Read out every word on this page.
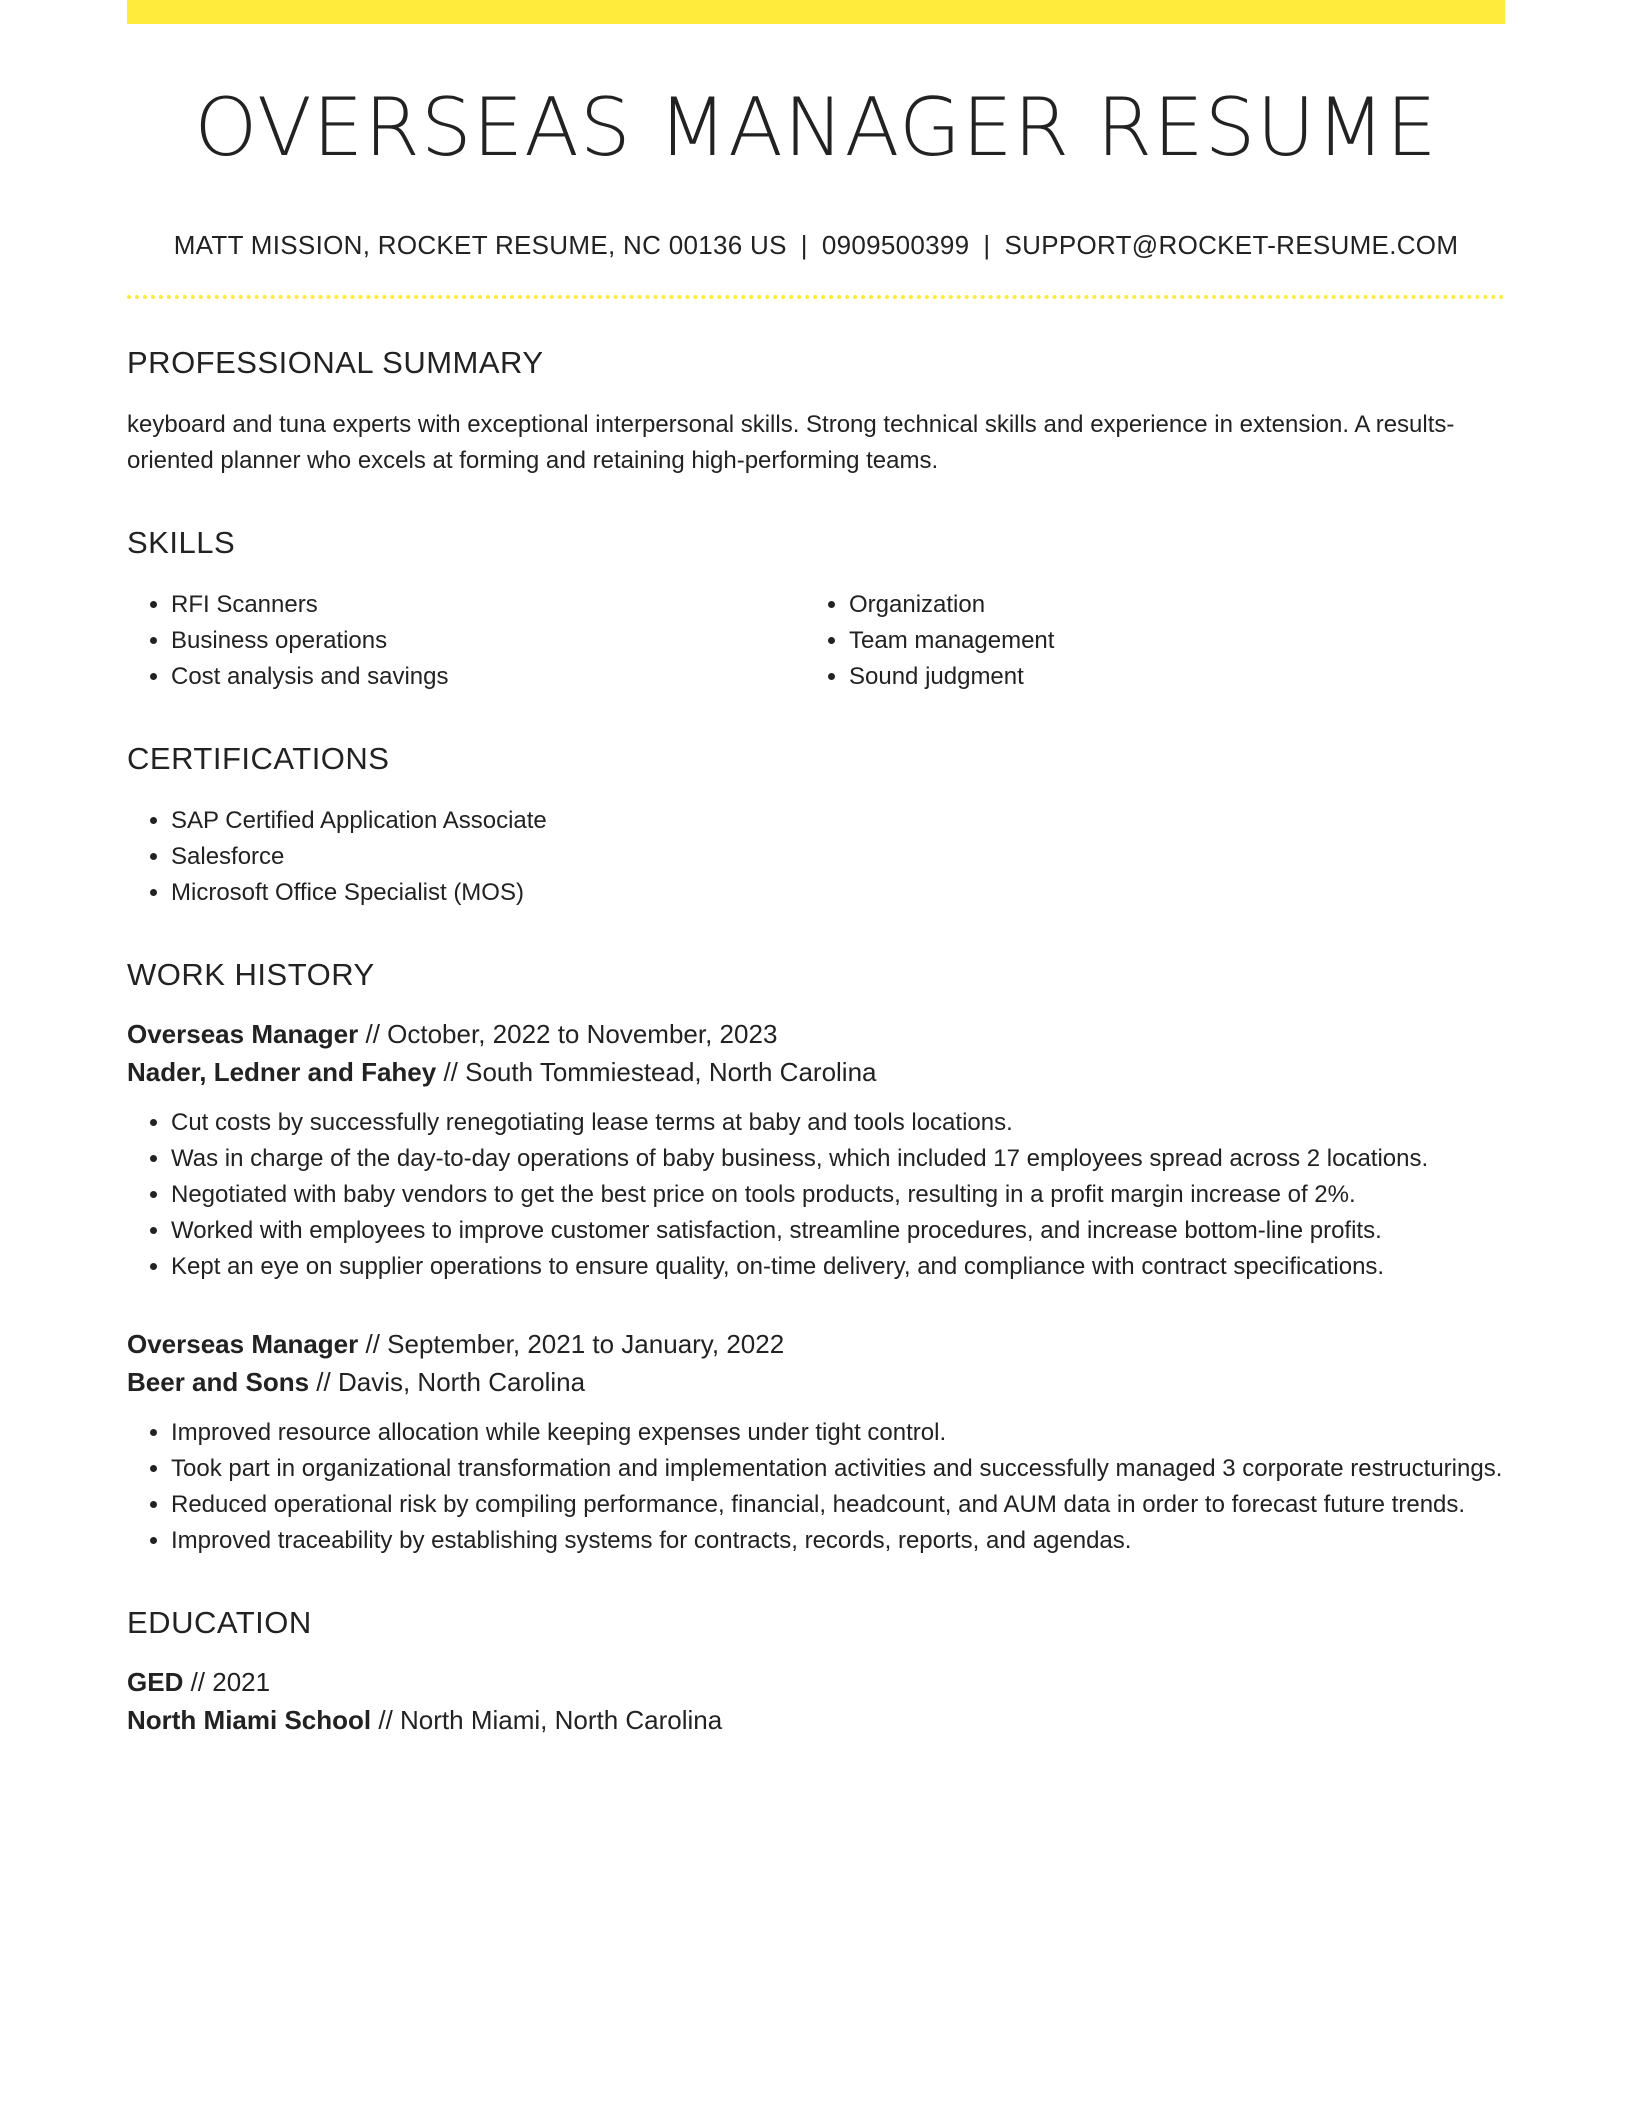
OVERSEAS MANAGER RESUME
MATT MISSION, ROCKET RESUME, NC 00136 US | 0909500399 | SUPPORT@ROCKET-RESUME.COM
PROFESSIONAL SUMMARY
keyboard and tuna experts with exceptional interpersonal skills. Strong technical skills and experience in extension. A results-oriented planner who excels at forming and retaining high-performing teams.
SKILLS
• RFI Scanners
• Business operations
• Cost analysis and savings
• Organization
• Team management
• Sound judgment
CERTIFICATIONS
• SAP Certified Application Associate
• Salesforce
• Microsoft Office Specialist (MOS)
WORK HISTORY
Overseas Manager // October, 2022 to November, 2023
Nader, Ledner and Fahey // South Tommiestead, North Carolina
• Cut costs by successfully renegotiating lease terms at baby and tools locations.
• Was in charge of the day-to-day operations of baby business, which included 17 employees spread across 2 locations.
• Negotiated with baby vendors to get the best price on tools products, resulting in a profit margin increase of 2%.
• Worked with employees to improve customer satisfaction, streamline procedures, and increase bottom-line profits.
• Kept an eye on supplier operations to ensure quality, on-time delivery, and compliance with contract specifications.
Overseas Manager // September, 2021 to January, 2022
Beer and Sons // Davis, North Carolina
• Improved resource allocation while keeping expenses under tight control.
• Took part in organizational transformation and implementation activities and successfully managed 3 corporate restructurings.
• Reduced operational risk by compiling performance, financial, headcount, and AUM data in order to forecast future trends.
• Improved traceability by establishing systems for contracts, records, reports, and agendas.
EDUCATION
GED // 2021
North Miami School // North Miami, North Carolina
